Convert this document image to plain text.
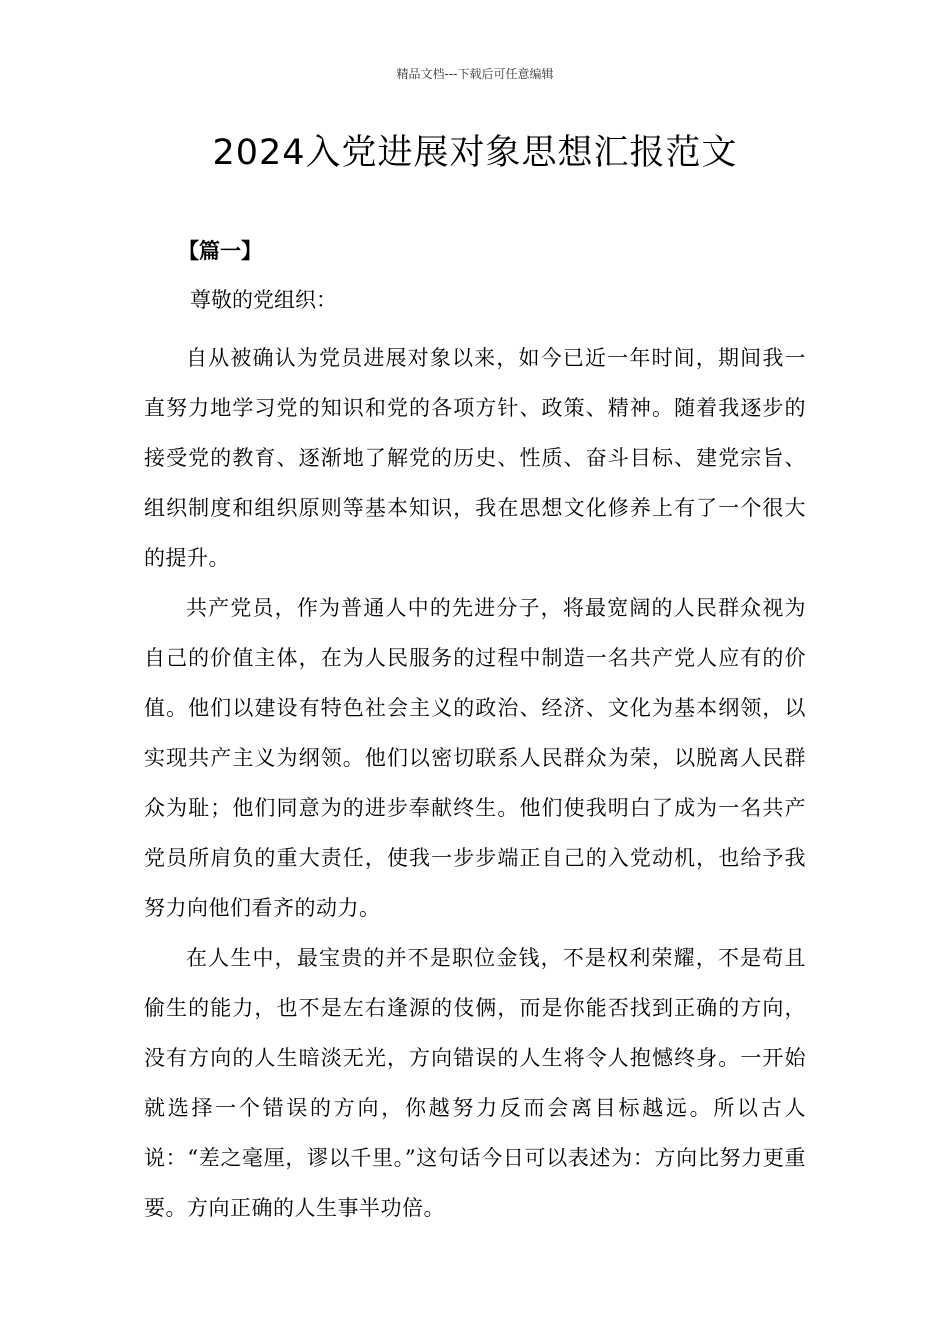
精品文档---下载后可任意编辑
2024入党进展对象思想汇报范文
【篇一】
尊敬的党组织：

自从被确认为党员进展对象以来，如今已近一年时间，期间我一直努力地学习党的知识和党的各项方针、政策、精神。随着我逐步的接受党的教育、逐渐地了解党的历史、性质、奋斗目标、建党宗旨、组织制度和组织原则等基本知识，我在思想文化修养上有了一个很大的提升。

共产党员，作为普通人中的先进分子，将最宽阔的人民群众视为自己的价值主体，在为人民服务的过程中制造一名共产党人应有的价值。他们以建设有特色社会主义的政治、经济、文化为基本纲领，以实现共产主义为纲领。他们以密切联系人民群众为荣，以脱离人民群众为耻；他们同意为的进步奉献终生。他们使我明白了成为一名共产党员所肩负的重大责任，使我一步步端正自己的入党动机，也给予我努力向他们看齐的动力。

在人生中，最宝贵的并不是职位金钱，不是权利荣耀，不是苟且偷生的能力，也不是左右逢源的伎俩，而是你能否找到正确的方向，没有方向的人生暗淡无光，方向错误的人生将令人抱憾终身。一开始就选择一个错误的方向，你越努力反而会离目标越远。所以古人说：“差之毫厘，谬以千里。”这句话今日可以表述为：方向比努力更重要。方向正确的人生事半功倍。
